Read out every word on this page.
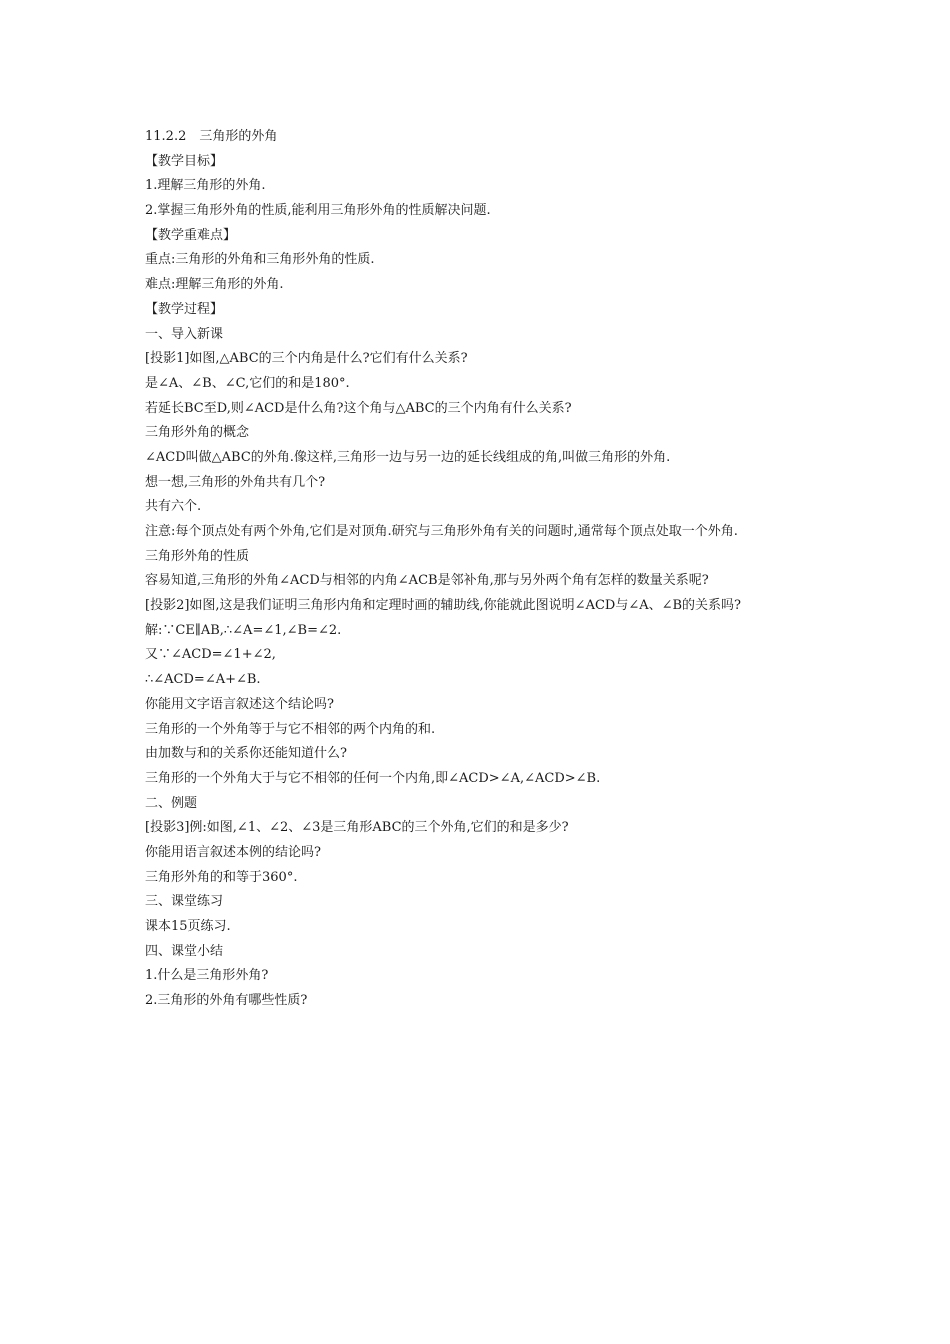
11.2.2　三角形的外角
【教学目标】
1.理解三角形的外角.
2.掌握三角形外角的性质,能利用三角形外角的性质解决问题.
【教学重难点】
重点:三角形的外角和三角形外角的性质.
难点:理解三角形的外角.
【教学过程】
一、导入新课
[投影1]如图,△ABC的三个内角是什么?它们有什么关系?
是∠A、∠B、∠C,它们的和是180°.
若延长BC至D,则∠ACD是什么角?这个角与△ABC的三个内角有什么关系?
三角形外角的概念
∠ACD叫做△ABC的外角.像这样,三角形一边与另一边的延长线组成的角,叫做三角形的外角.
想一想,三角形的外角共有几个?
共有六个.
注意:每个顶点处有两个外角,它们是对顶角.研究与三角形外角有关的问题时,通常每个顶点处取一个外角.
三角形外角的性质
容易知道,三角形的外角∠ACD与相邻的内角∠ACB是邻补角,那与另外两个角有怎样的数量关系呢?
[投影2]如图,这是我们证明三角形内角和定理时画的辅助线,你能就此图说明∠ACD与∠A、∠B的关系吗?
解:∵CE∥AB,∴∠A=∠1,∠B=∠2.
又∵∠ACD=∠1+∠2,
∴∠ACD=∠A+∠B.
你能用文字语言叙述这个结论吗?
三角形的一个外角等于与它不相邻的两个内角的和.
由加数与和的关系你还能知道什么?
三角形的一个外角大于与它不相邻的任何一个内角,即∠ACD>∠A,∠ACD>∠B.
二、例题
[投影3]例:如图,∠1、∠2、∠3是三角形ABC的三个外角,它们的和是多少?
你能用语言叙述本例的结论吗?
三角形外角的和等于360°.
三、课堂练习
课本15页练习.
四、课堂小结
1.什么是三角形外角?
2.三角形的外角有哪些性质?
